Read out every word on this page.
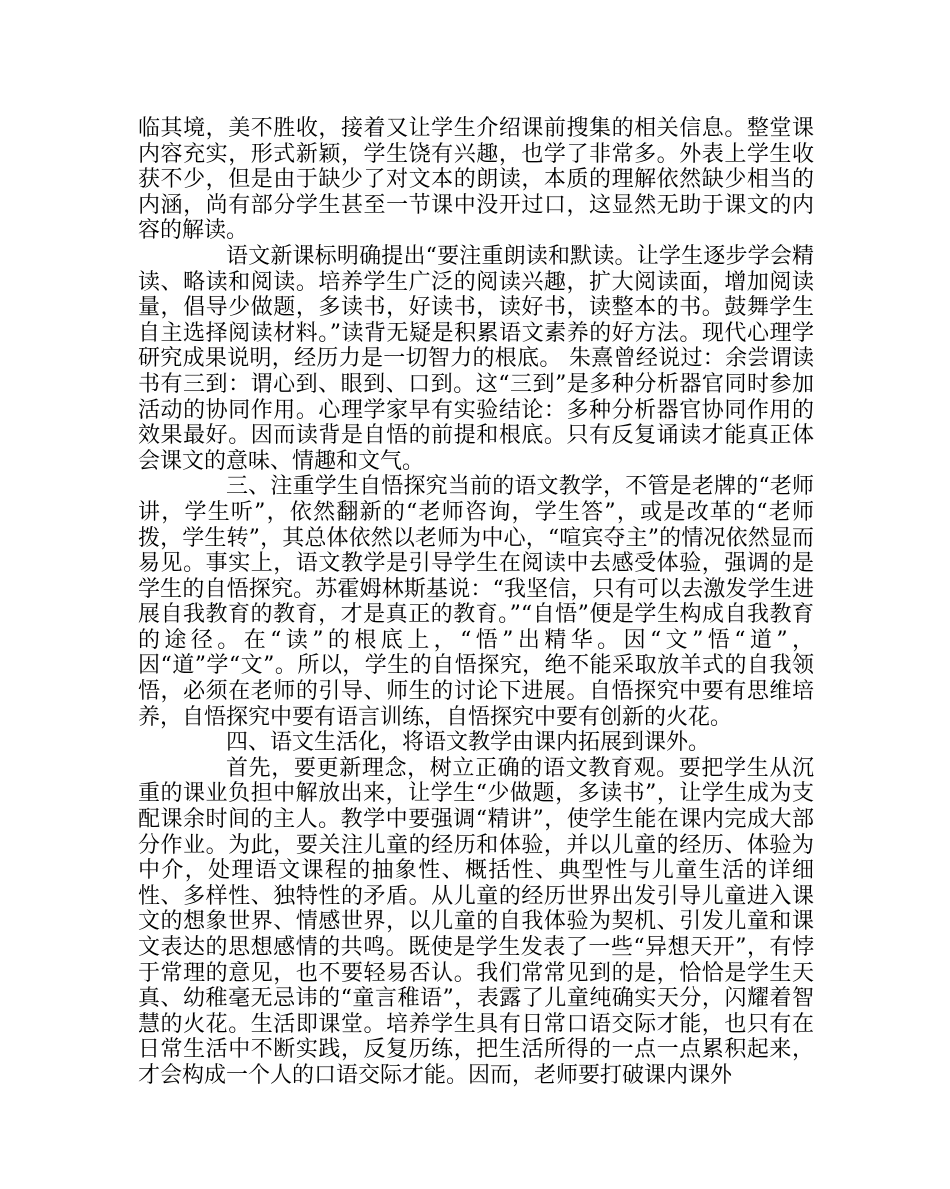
临其境，美不胜收，接着又让学生介绍课前搜集的相关信息。整堂课内容充实，形式新颖，学生饶有兴趣，也学了非常多。外表上学生收获不少，但是由于缺少了对文本的朗读，本质的理解依然缺少相当的内涵，尚有部分学生甚至一节课中没开过口，这显然无助于课文的内容的解读。

语文新课标明确提出“要注重朗读和默读。让学生逐步学会精读、略读和阅读。培养学生广泛的阅读兴趣，扩大阅读面，增加阅读量，倡导少做题，多读书，好读书，读好书，读整本的书。鼓舞学生自主选择阅读材料。”读背无疑是积累语文素养的好方法。现代心理学研究成果说明，经历力是一切智力的根底。 朱熹曾经说过：余尝谓读书有三到：谓心到、眼到、口到。这“三到”是多种分析器官同时参加活动的协同作用。心理学家早有实验结论：多种分析器官协同作用的效果最好。因而读背是自悟的前提和根底。只有反复诵读才能真正体会课文的意味、情趣和文气。

三、注重学生自悟探究当前的语文教学，不管是老牌的“老师讲，学生听”，依然翻新的“老师咨询，学生答”，或是改革的“老师拨，学生转”，其总体依然以老师为中心，“喧宾夺主”的情况依然显而易见。事实上，语文教学是引导学生在阅读中去感受体验，强调的是学生的自悟探究。苏霍姆林斯基说：“我坚信，只有可以去激发学生进展自我教育的教育，才是真正的教育。”“自悟”便是学生构成自我教育的途径。在“读”的根底上，“悟”出精华。因“文”悟“道”，因“道”学“文”。所以，学生的自悟探究，绝不能采取放羊式的自我领悟，必须在老师的引导、师生的讨论下进展。自悟探究中要有思维培养，自悟探究中要有语言训练，自悟探究中要有创新的火花。

四、语文生活化，将语文教学由课内拓展到课外。

首先，要更新理念，树立正确的语文教育观。要把学生从沉重的课业负担中解放出来，让学生“少做题，多读书”，让学生成为支配课余时间的主人。教学中要强调“精讲”，使学生能在课内完成大部分作业。为此，要关注儿童的经历和体验，并以儿童的经历、体验为中介，处理语文课程的抽象性、概括性、典型性与儿童生活的详细性、多样性、独特性的矛盾。从儿童的经历世界出发引导儿童进入课文的想象世界、情感世界，以儿童的自我体验为契机、引发儿童和课文表达的思想感情的共鸣。既使是学生发表了一些“异想天开”，有悖于常理的意见，也不要轻易否认。我们常常见到的是，恰恰是学生天真、幼稚毫无忌讳的“童言稚语”，表露了儿童纯确实天分，闪耀着智慧的火花。生活即课堂。培养学生具有日常口语交际才能，也只有在日常生活中不断实践，反复历练，把生活所得的一点一点累积起来，才会构成一个人的口语交际才能。因而，老师要打破课内课外
